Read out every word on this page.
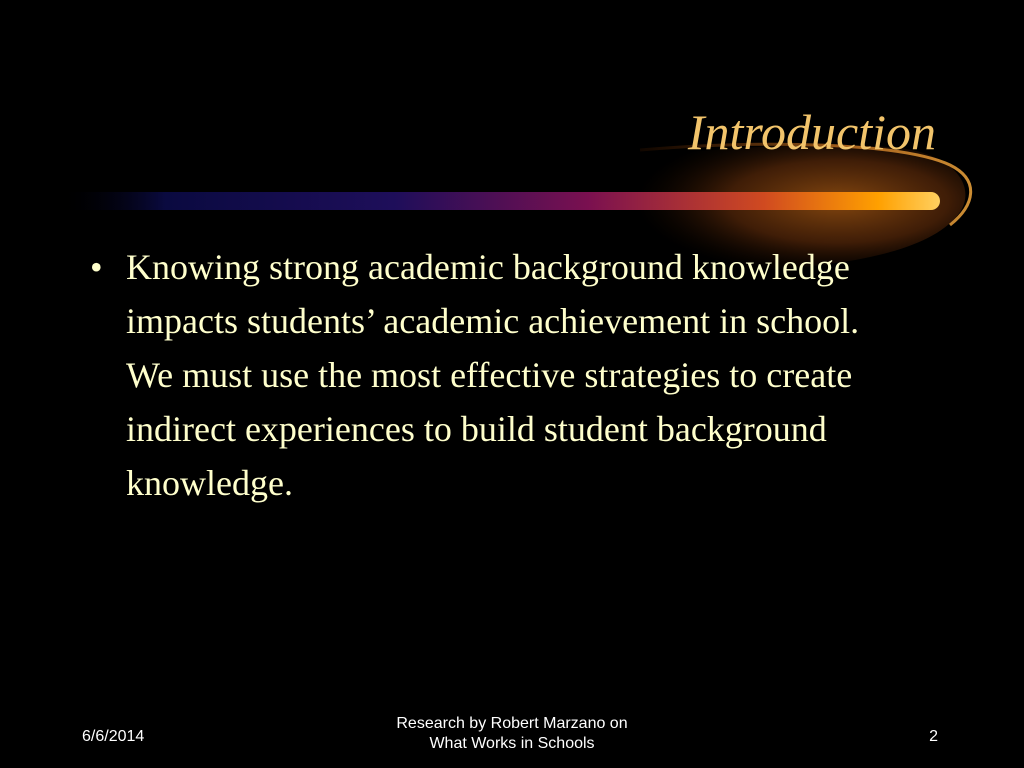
Introduction
• Knowing strong academic background knowledge impacts students’ academic achievement in school. We must use the most effective strategies to create indirect experiences to build student background knowledge.
6/6/2014
Research by Robert Marzano on
What Works in Schools	2
